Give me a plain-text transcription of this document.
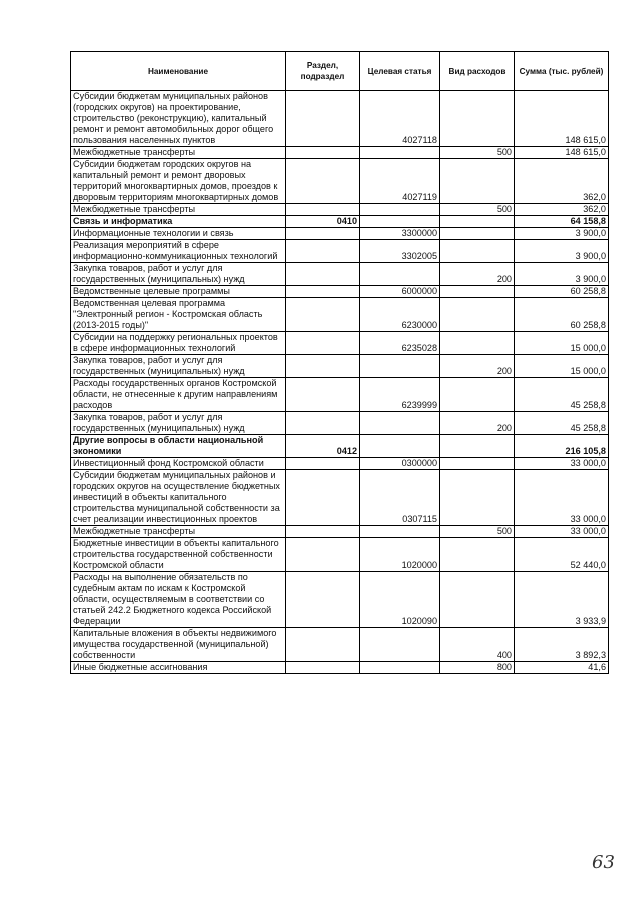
Наименование	Раздел, подраздел	Целевая статья	Вид расходов	Сумма (тыс. рублей)
Субсидии бюджетам муниципальных районов (городских округов) на проектирование, строительство (реконструкцию), капитальный ремонт и ремонт автомобильных дорог общего пользования населенных пунктов		4027118		148 615,0
Межбюджетные трансферты			500	148 615,0
Субсидии бюджетам городских округов на капитальный ремонт и ремонт дворовых территорий многоквартирных домов, проездов к дворовым территориям многоквартирных домов		4027119		362,0
Межбюджетные трансферты			500	362,0
Связь и информатика	0410			64 158,8
Информационные технологии и связь		3300000		3 900,0
Реализация мероприятий в сфере информационно-коммуникационных технологий		3302005		3 900,0
Закупка товаров, работ и услуг для государственных (муниципальных) нужд			200	3 900,0
Ведомственные целевые программы		6000000		60 258,8
Ведомственная целевая программа "Электронный регион - Костромская область (2013-2015 годы)"		6230000		60 258,8
Субсидии на поддержку региональных проектов в сфере информационных технологий		6235028		15 000,0
Закупка товаров, работ и услуг для государственных (муниципальных) нужд			200	15 000,0
Расходы государственных органов Костромской области, не отнесенные к другим направлениям расходов		6239999		45 258,8
Закупка товаров, работ и услуг для государственных (муниципальных) нужд			200	45 258,8
Другие вопросы в области национальной экономики	0412			216 105,8
Инвестиционный фонд Костромской области		0300000		33 000,0
Субсидии бюджетам муниципальных районов и городских округов на осуществление бюджетных инвестиций в объекты капитального строительства муниципальной собственности за счет реализации инвестиционных проектов		0307115		33 000,0
Межбюджетные трансферты			500	33 000,0
Бюджетные инвестиции в объекты капитального строительства государственной собственности Костромской области		1020000		52 440,0
Расходы на выполнение обязательств по судебным актам по искам к Костромской области, осуществляемым в соответствии со статьей 242.2 Бюджетного кодекса Российской Федерации		1020090		3 933,9
Капитальные вложения в объекты недвижимого имущества государственной (муниципальной) собственности			400	3 892,3
Иные бюджетные ассигнования			800	41,6
63
